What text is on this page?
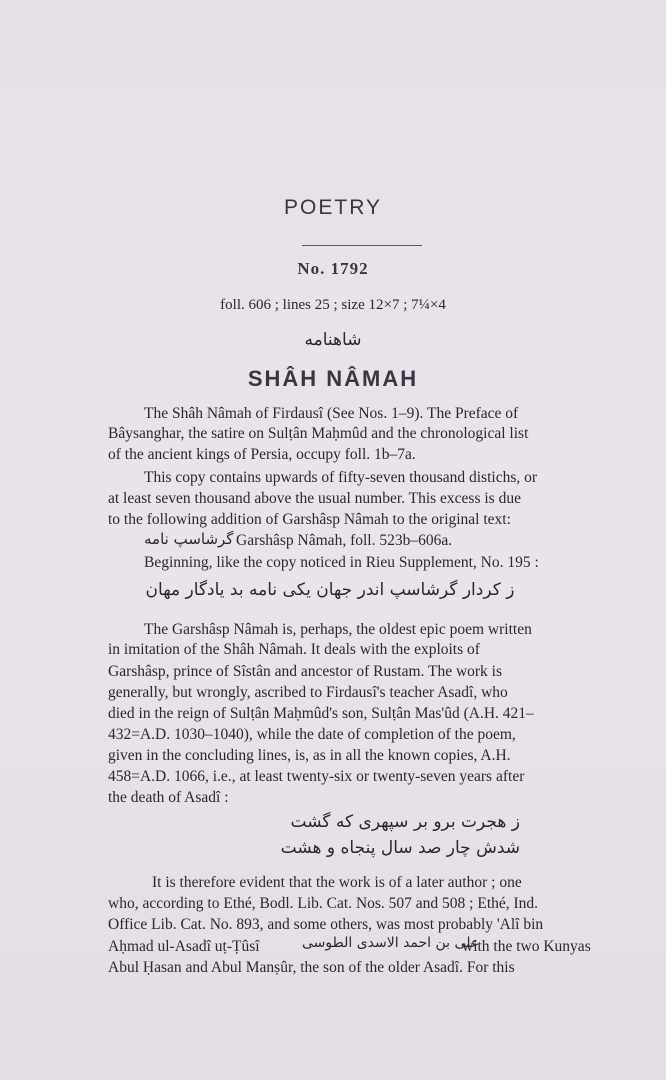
POETRY
No. 1792
foll. 606 ; lines 25 ; size 12×7 ; 7¼×4
شاهنامه
SHÂH NÂMAH
The Shâh Nâmah of Firdausî (See Nos. 1–9). The Preface of
Bâysanghar, the satire on Sulṭân Maḥmûd and the chronological list
of the ancient kings of Persia, occupy foll. 1b–7a.
This copy contains upwards of fifty-seven thousand distichs, or
at least seven thousand above the usual number. This excess is due
to the following addition of Garshâsp Nâmah to the original text:
گرشاسپ نامه Garshâsp Nâmah, foll. 523b–606a.
Beginning, like the copy noticed in Rieu Supplement, No. 195 :
ز کردار گرشاسپ اندر جهان یکی نامه بد یادگار مهان
The Garshâsp Nâmah is, perhaps, the oldest epic poem written
in imitation of the Shâh Nâmah. It deals with the exploits of
Garshâsp, prince of Sîstân and ancestor of Rustam. The work is
generally, but wrongly, ascribed to Firdausî's teacher Asadî, who
died in the reign of Sulṭân Maḥmûd's son, Sulṭân Mas'ûd (A.H. 421–
432=A.D. 1030–1040), while the date of completion of the poem,
given in the concluding lines, is, as in all the known copies, A.H.
458=A.D. 1066, i.e., at least twenty-six or twenty-seven years after
the death of Asadî :
ز هجرت برو بر سپهری که گشت
شدش چار صد سال پنجاه و هشت
It is therefore evident that the work is of a later author ; one
who, according to Ethé, Bodl. Lib. Cat. Nos. 507 and 508 ; Ethé, Ind.
Office Lib. Cat. No. 893, and some others, was most probably 'Alî bin
Aḥmad ul-Asadî uṭ-Ṭûsî	علی بن احمد الاسدی الطوسی
with the two Kunyas
Abul Ḥasan and Abul Manṣûr, the son of the older Asadî. For this
